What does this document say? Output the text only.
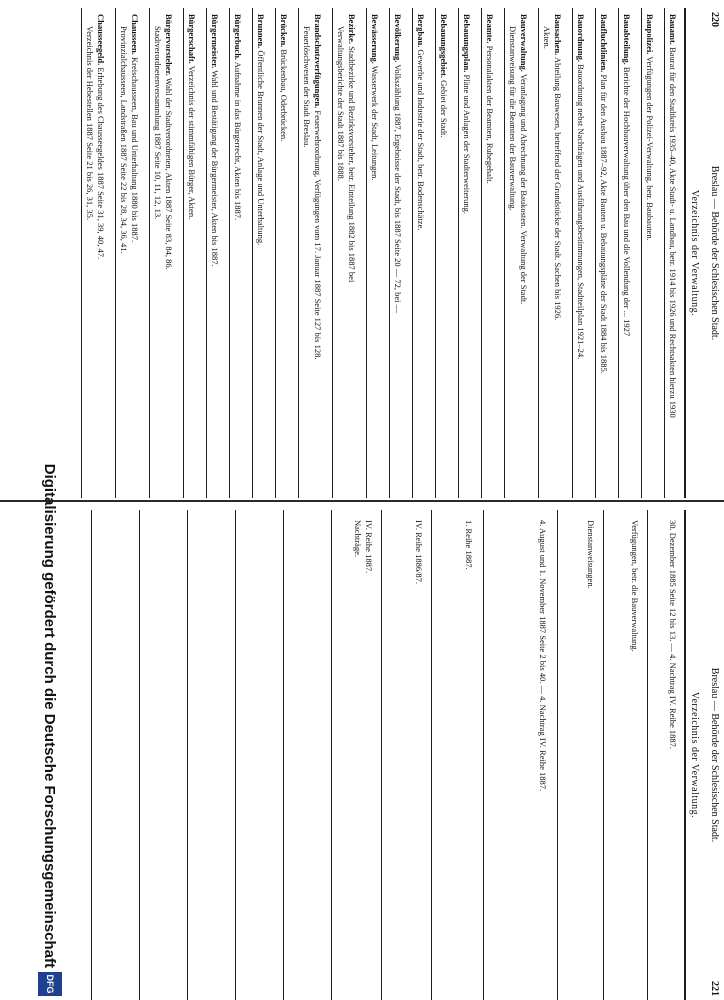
220
Breslau — Behörde der Schlesischen Stadt.
Verzeichnis der Verwaltung.
Bauamt. Baurat für den Stadtkreis 1935–40, Akte Stadt- u. Landbau, betr. 1914 bis 1926 und Rechtsakten hierzu 1930
Baupolizei. Verfügungen der Polizei-Verwaltung, betr. Baubauten.
Bauabteilung. Berichte der Hochbauverwaltung über den Bau und die Vollendung der ... 1927
Baufluchtlinien. Plan für den Ausbau 1887–92, Akte Bauten u. Bebauungspläne der Stadt 1884 bis 1885.
Bauordnung. Bauordnung nebst Nachträgen und Ausführungsbestimmungen, Stadtteilplan 1921–24.
Bausachen. Abteilung Bauwesen, betreffend der Grundstücke der Stadt. Sachen bis 1926.
Akten.
Bauverwaltung. Veranlagung und Abrechnung der Baukosten. Verwaltung der Stadt.
Dienstanweisung für die Beamten der Bauverwaltung.
Beamte. Personalakten der Beamten, Ruhegehalt.
Bebauungsplan. Pläne und Anlagen der Stadterweiterung.
Bebauungsgebiet. Gebiet der Stadt.
Bergbau. Gewerbe und Industrie der Stadt, betr. Bodenschätze.
Bevölkerung. Volkszählung 1887, Ergebnisse der Stadt, bis 1887 Seite 20 — 72, bei —
Bewässerung. Wasserwerk der Stadt, Leitungen.
Bezirke. Stadtbezirke und Bezirksvorsteher, betr. Einteilung 1882 bis 1887 bei
Verwaltungsberichte der Stadt 1887 bis 1888.
Brandschutzverfügungen. Feuerwehrordnung, Verfügungen vom 17. Januar 1887 Seite 127 bis 128.
Feuerlöschwesen der Stadt Breslau.
Brücken. Brückenbau, Oderbrücken.
Brunnen. Öffentliche Brunnen der Stadt, Anlage und Unterhaltung.
Bürgerbuch. Aufnahme in das Bürgerrecht, Akten bis 1887.
Bürgermeister. Wahl und Bestätigung der Bürgermeister, Akten bis 1887.
Bürgerschaft. Verzeichnis der stimmfähigen Bürger, Akten.
Bürgervorsteher. Wahl der Stadtverordneten, Akten 1887 Seite 83, 84, 86.
Stadtverordnetenversammlung 1887 Seite 10, 11, 12, 13.
Chausseen. Kreischausseen, Bau und Unterhaltung 1880 bis 1887.
Provinzialchausseen, Landstraßen 1887 Seite 22 bis 28, 34, 36, 41.
Chausseegeld. Erhebung des Chausseegeldes 1887 Seite 31, 39, 40, 47.
Verzeichnis der Hebestellen 1887 Seite 21 bis 26, 31, 35.
221
Breslau — Behörde der Schlesischen Stadt.
Verzeichnis der Verwaltung.
30. Dezember 1885 Seite 12 bis 13. — 4. Nachtrag IV. Reihe 1887.
Verfügungen, betr. die Bauverwaltung.
Dienstanweisungen.
4. August und 1. November 1887 Seite 2 bis 40. — 4. Nachtrag IV. Reihe 1887.
1. Reihe 1887.
IV. Reihe 1886/87.
IV. Reihe 1887.
Nachträge.
Digitalisierung gefördert durch die Deutsche Forschungsgemeinschaft
DFG
